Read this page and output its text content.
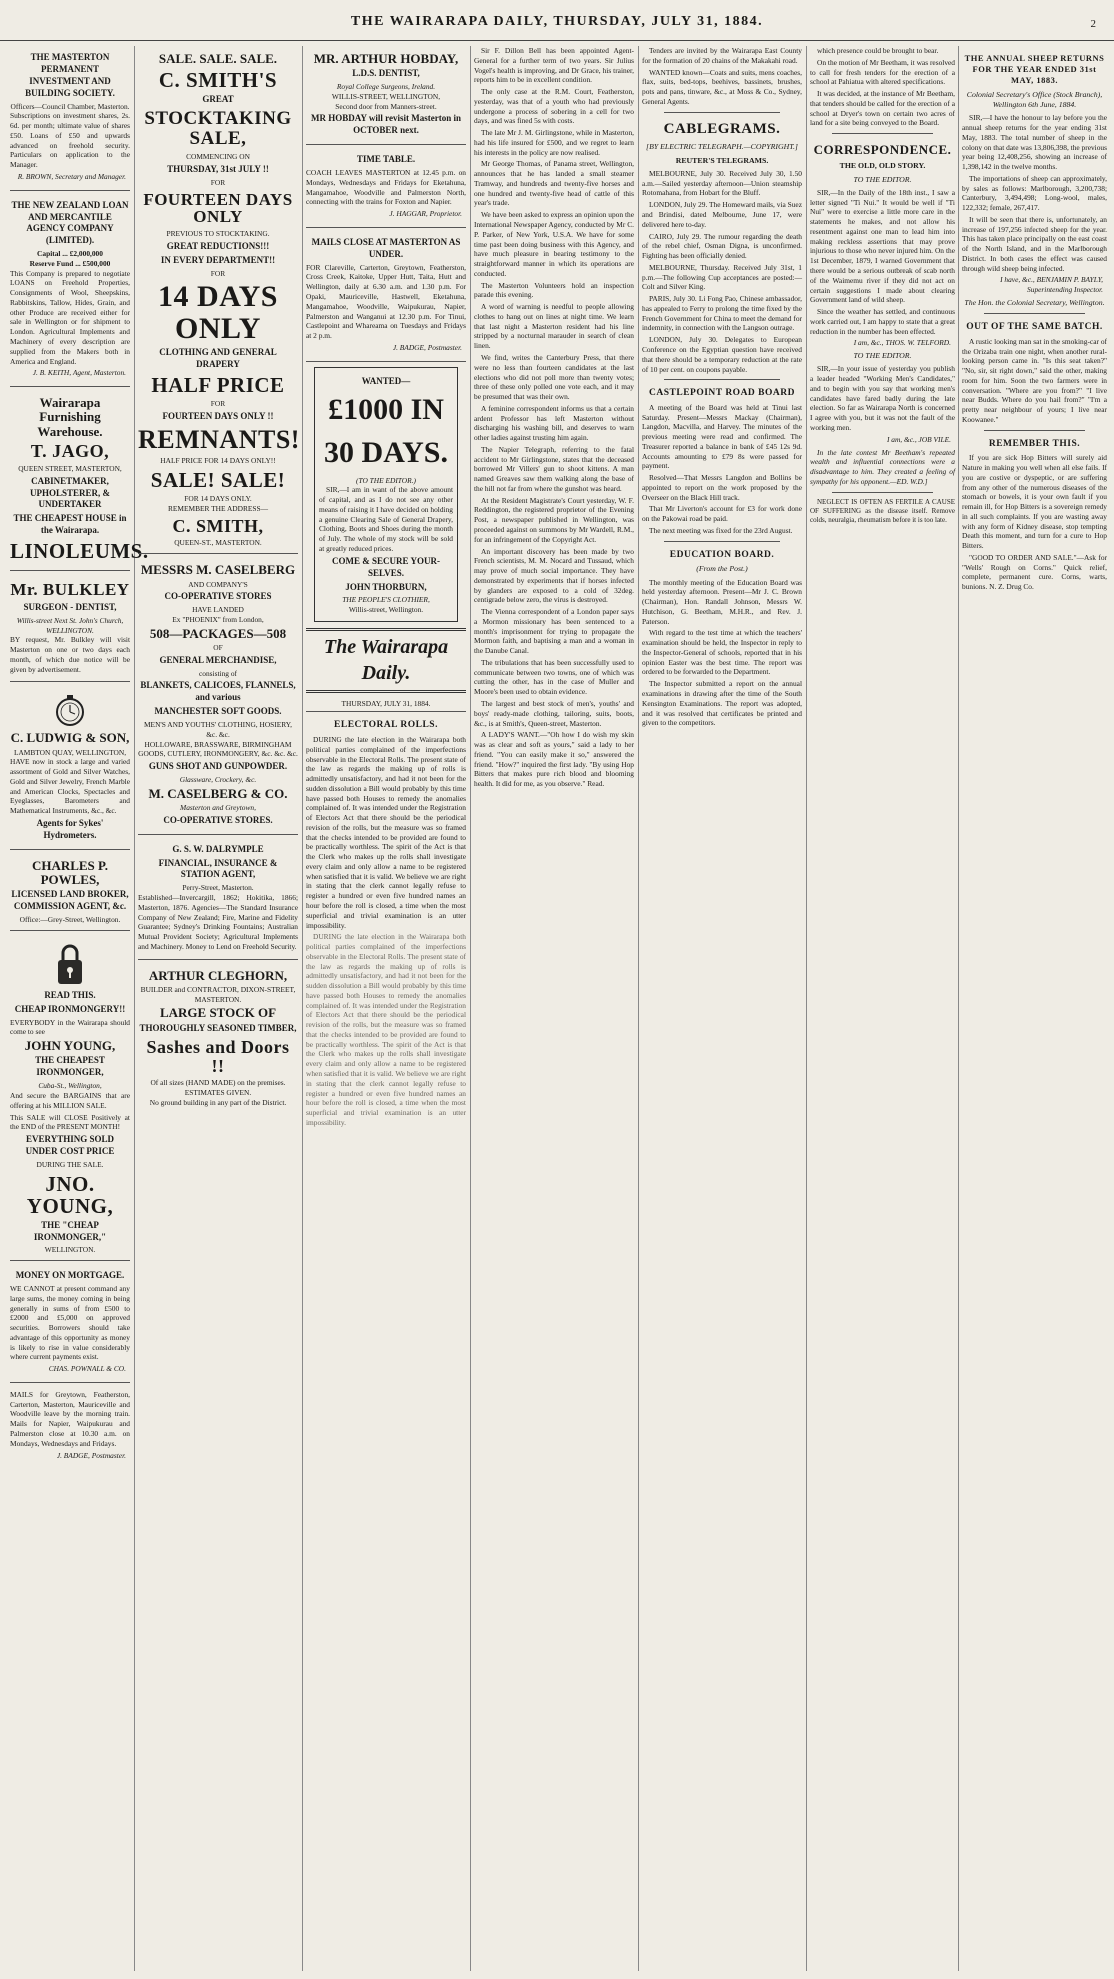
THE WAIRARAPA DAILY, THURSDAY, JULY 31, 1884.	2
THE MASTERTON PERMANENT INVESTMENT AND BUILDING SOCIETY.
Officers—Council Chamber, Masterton.

Subscriptions on investment shares, 2s. 6d. per month; ultimate value of shares £50. Loans of £50 and upwards advanced on freehold security. Particulars on application to the Manager.

R. BROWN, Secretary and Manager.
THE NEW ZEALAND LOAN AND MERCANTILE AGENCY COMPANY (LIMITED).
Capital ... £2,000,000
Reserve Fund ... £500,000

This Company is prepared to negotiate LOANS on Freehold Properties, Consignments of Wool, Sheepskins, Rabbitskins, Tallow, Hides, Grain, and other Produce are received either for sale in Wellington or for shipment to London. Agricultural Implements and Machinery of every description are supplied from the Makers both in America and England.

J. B. KEITH, Agent, Masterton.
Wairarapa Furnishing Warehouse.
T. JAGO,
QUEEN STREET, MASTERTON,
CABINETMAKER, UPHOLSTERER, & UNDERTAKER
THE CHEAPEST HOUSE in the Wairarapa.
LINOLEUMS.
Mr. BULKLEY
SURGEON - DENTIST,
Willis-street Next St. John's Church, WELLINGTON.

BY request, Mr. Bulkley will visit Masterton on one or two days each month, of which due notice will be given by advertisement.

C. LUDWIG & SON,
LAMBTON QUAY, WELLINGTON,

HAVE now in stock a large and varied assortment of Gold and Silver Watches, Gold and Silver Jewelry, French Marble and American Clocks, Spectacles and Eyeglasses, Barometers and Mathematical Instruments, &c., &c.

Agents for Sykes' Hydrometers.
CHARLES P. POWLES,
LICENSED LAND BROKER, COMMISSION AGENT, &c.
Office:—Grey-Street, Wellington.
READ THIS.
CHEAP IRONMONGERY!!

EVERYBODY in the Wairarapa should come to see

JOHN YOUNG,
THE CHEAPEST IRONMONGER,
Cuba-St., Wellington,

And secure the BARGAINS that are offering at his MILLION SALE.

This SALE will CLOSE Positively at the END of the PRESENT MONTH!

EVERYTHING SOLD UNDER COST PRICE
DURING THE SALE.
JNO. YOUNG,
THE "CHEAP IRONMONGER,"
WELLINGTON.
MONEY ON MORTGAGE.

WE CANNOT at present command any large sums, the money coming in being generally in sums of from £500 to £2000 and £5,000 on approved securities. Borrowers should take advantage of this opportunity as money is likely to rise in value considerably where current payments exist.

CHAS. POWNALL & CO.

MAILS for Greytown, Featherston, Carterton, Masterton, Mauriceville and Woodville leave by the morning train. Mails for Napier, Waipukurau and Palmerston close at 10.30 a.m. on Mondays, Wednesdays and Fridays.

J. BADGE, Postmaster.
SALE. SALE. SALE.
C. SMITH'S
GREAT
STOCKTAKING SALE,
COMMENCING ON
THURSDAY, 31st JULY !!
FOR
FOURTEEN DAYS ONLY
PREVIOUS TO STOCKTAKING.
GREAT REDUCTIONS!!!
IN EVERY DEPARTMENT!!
FOR
14 DAYS ONLY
CLOTHING AND GENERAL DRAPERY
HALF PRICE
FOR
FOURTEEN DAYS ONLY !!
REMNANTS!
HALF PRICE FOR 14 DAYS ONLY!!
SALE! SALE!
FOR 14 DAYS ONLY.
REMEMBER THE ADDRESS—
C. SMITH,
QUEEN-ST., MASTERTON.
MESSRS M. CASELBERG
AND COMPANY'S
CO-OPERATIVE STORES
HAVE LANDED
Ex "PHOENIX" from London,
508—PACKAGES—508
OF
GENERAL MERCHANDISE,
consisting of
BLANKETS, CALICOES, FLANNELS, and various
MANCHESTER SOFT GOODS.
MEN'S AND YOUTHS' CLOTHING, HOSIERY, &c. &c.
HOLLOWARE, BRASSWARE, BIRMINGHAM GOODS, CUTLERY, IRONMONGERY, &c. &c. &c.
GUNS SHOT AND GUNPOWDER.
Glassware, Crockery, &c.
M. CASELBERG & CO.
Masterton and Greytown,
CO-OPERATIVE STORES.
G. S. W. DALRYMPLE
FINANCIAL, INSURANCE & STATION AGENT,
Perry-Street, Masterton.

Established—Invercargill, 1862; Hokitika, 1866; Masterton, 1876. Agencies—The Standard Insurance Company of New Zealand; Fire, Marine and Fidelity Guarantee; Sydney's Drinking Fountains; Australian Mutual Provident Society; Agricultural Implements and Machinery. Money to Lend on Freehold Security.

ARTHUR CLEGHORN,
BUILDER and CONTRACTOR, DIXON-STREET, MASTERTON.
LARGE STOCK OF
THOROUGHLY SEASONED TIMBER,
Sashes and Doors !!
Of all sizes (HAND MADE) on the premises. ESTIMATES GIVEN.
No ground building in any part of the District.
MR. ARTHUR HOBDAY,
L.D.S. DENTIST,
Royal College Surgeons, Ireland.
WILLIS-STREET, WELLINGTON,
Second door from Manners-street.
MR HOBDAY will revisit Masterton in OCTOBER next.
TIME TABLE.

COACH LEAVES MASTERTON at 12.45 p.m. on Mondays, Wednesdays and Fridays for Eketahuna, Mangamahoe, Woodville and Palmerston North, connecting with the trains for Foxton and Napier.

J. HAGGAR, Proprietor.
MAILS CLOSE AT MASTERTON AS UNDER.

FOR Clareville, Carterton, Greytown, Featherston, Cross Creek, Kaitoke, Upper Hutt, Taita, Hutt and Wellington, daily at 6.30 a.m. and 1.30 p.m. For Opaki, Mauriceville, Hastwell, Eketahuna, Mangamahoe, Woodville, Waipukurau, Napier, Palmerston and Wanganui at 12.30 p.m. For Tinui, Castlepoint and Whareama on Tuesdays and Fridays at 2 p.m.

J. BADGE, Postmaster.
WANTED—
£1000 IN
30 DAYS.
(TO THE EDITOR.)

SIR,—I am in want of the above amount of capital, and as I do not see any other means of raising it I have decided on holding a genuine Clearing Sale of General Drapery, Clothing, Boots and Shoes during the month of July. The whole of my stock will be sold at greatly reduced prices.

COME & SECURE YOUR-SELVES.
JOHN THORBURN,
THE PEOPLE'S CLOTHIER,
Willis-street, Wellington.
The Wairarapa Daily.
THURSDAY, JULY 31, 1884.
ELECTORAL ROLLS.

DURING the late election in the Wairarapa both political parties complained of the imperfections observable in the Electoral Rolls. The present state of the law as regards the making up of rolls is admittedly unsatisfactory, and had it not been for the sudden dissolution a Bill would probably by this time have passed both Houses to remedy the anomalies complained of. It was intended under the Registration of Electors Act that there should be the periodical revision of the rolls, but the measure was so framed that the checks intended to be provided are found to be practically worthless. The spirit of the Act is that the Clerk who makes up the rolls shall investigate every claim and only allow a name to be registered when satisfied that it is valid. We believe we are right in stating that the clerk cannot legally refuse to register a hundred or even five hundred names an hour before the roll is closed, a time when the most superficial and trivial examination is an utter impossibility.

DURING the late election in the Wairarapa both political parties complained of the imperfections observable in the Electoral Rolls. The present state of the law as regards the making up of rolls is admittedly unsatisfactory, and had it not been for the sudden dissolution a Bill would probably by this time have passed both Houses to remedy the anomalies complained of. It was intended under the Registration of Electors Act that there should be the periodical revision of the rolls, but the measure was so framed that the checks intended to be provided are found to be practically worthless. The spirit of the Act is that the Clerk who makes up the rolls shall investigate every claim and only allow a name to be registered when satisfied that it is valid. We believe we are right in stating that the clerk cannot legally refuse to register a hundred or even five hundred names an hour before the roll is closed, a time when the most superficial and trivial examination is an utter impossibility.

Sir F. Dillon Bell has been appointed Agent-General for a further term of two years. Sir Julius Vogel's health is improving, and Dr Grace, his trainer, reports him to be in excellent condition.

The only case at the R.M. Court, Featherston, yesterday, was that of a youth who had previously undergone a process of sobering in a cell for two days, and was fined 5s with costs.

The late Mr J. M. Girlingstone, while in Masterton, had his life insured for £500, and we regret to learn his interests in the policy are now realised.

Mr George Thomas, of Panama street, Wellington, announces that he has landed a small steamer Tramway, and hundreds and twenty-five horses and one hundred and twenty-five head of cattle of this year's trade.

We have been asked to express an opinion upon the International Newspaper Agency, conducted by Mr C. P. Parker, of New York, U.S.A. We have for some time past been doing business with this Agency, and have much pleasure in bearing testimony to the straightforward manner in which its operations are conducted.

The Masterton Volunteers hold an inspection parade this evening.

A word of warning is needful to people allowing clothes to hang out on lines at night time. We learn that last night a Masterton resident had his line stripped by a nocturnal marauder in search of clean linen.

We find, writes the Canterbury Press, that there were no less than fourteen candidates at the last elections who did not poll more than twenty votes; three of these only polled one vote each, and it may be presumed that was their own.

A feminine correspondent informs us that a certain ardent Professor has left Masterton without discharging his washing bill, and deserves to warn other ladies against trusting him again.

The Napier Telegraph, referring to the fatal accident to Mr Girlingstone, states that the deceased borrowed Mr Villers' gun to shoot kittens. A man named Greaves saw them walking along the base of the hill not far from where the gunshot was heard.

At the Resident Magistrate's Court yesterday, W. F. Reddington, the registered proprietor of the Evening Post, a newspaper published in Wellington, was proceeded against on summons by Mr Wardell, R.M., for an infringement of the Copyright Act.

An important discovery has been made by two French scientists, M. M. Nocard and Tussaud, which may prove of much social importance. They have demonstrated by experiments that if horses infected by glanders are exposed to a cold of 32deg. centigrade below zero, the virus is destroyed.

The Vienna correspondent of a London paper says a Mormon missionary has been sentenced to a month's imprisonment for trying to propagate the Mormon faith, and baptising a man and a woman in the Danube Canal.

The tribulations that has been successfully used to communicate between two towns, one of which was cutting the other, has in the case of Muller and Moore's been used to obtain evidence.

The largest and best stock of men's, youths' and boys' ready-made clothing, tailoring, suits, boots, &c., is at Smith's, Queen-street, Masterton.

A LADY'S WANT.—"Oh how I do wish my skin was as clear and soft as yours," said a lady to her friend. "You can easily make it so," answered the friend. "How?" inquired the first lady. "By using Hop Bitters that makes pure rich blood and blooming health. It did for me, as you observe." Read.

Tenders are invited by the Wairarapa East County for the formation of 20 chains of the Makakahi road.

WANTED known—Coats and suits, mens coaches, flax, suits, bed-tops, beehives, bassinets, brushes, pots and pans, tinware, &c., at Moss & Co., Sydney, General Agents.

CABLEGRAMS.
[BY ELECTRIC TELEGRAPH.—COPYRIGHT.]
REUTER'S TELEGRAMS.

MELBOURNE, July 30. Received July 30, 1.50 a.m.—Sailed yesterday afternoon—Union steamship Rotomahana, from Hobart for the Bluff.

LONDON, July 29. The Homeward mails, via Suez and Brindisi, dated Melbourne, June 17, were delivered here to-day.

CAIRO, July 29. The rumour regarding the death of the rebel chief, Osman Digna, is unconfirmed. Fighting has been officially denied.

MELBOURNE, Thursday. Received July 31st, 1 p.m.—The following Cup acceptances are posted:—Colt and Silver King.

PARIS, July 30. Li Fong Pao, Chinese ambassador, has appealed to Ferry to prolong the time fixed by the French Government for China to meet the demand for indemnity, in connection with the Langson outrage.

LONDON, July 30. Delegates to European Conference on the Egyptian question have received that there should be a temporary reduction at the rate of 10 per cent. on coupons payable.

CASTLEPOINT ROAD BOARD

A meeting of the Board was held at Tinui last Saturday. Present—Messrs Mackay (Chairman), Langdon, Macvilla, and Harvey. The minutes of the previous meeting were read and confirmed. The Treasurer reported a balance in bank of £45 12s 9d. Accounts amounting to £79 8s were passed for payment.

Resolved—That Messrs Langdon and Bollins be appointed to report on the work proposed by the Overseer on the Black Hill track.

That Mr Liverton's account for £3 for work done on the Pakowai road be paid.

The next meeting was fixed for the 23rd August.

EDUCATION BOARD.
(From the Post.)

The monthly meeting of the Education Board was held yesterday afternoon. Present—Mr J. C. Brown (Chairman), Hon. Randall Johnson, Messrs W. Hutchison, G. Beetham, M.H.R., and Rev. J. Paterson.

With regard to the test time at which the teachers' examination should be held, the Inspector in reply to the Inspector-General of schools, reported that in his opinion Easter was the best time. The report was ordered to be forwarded to the Department.

The Inspector submitted a report on the annual examinations in drawing after the time of the South Kensington Examinations. The report was adopted, and it was resolved that certificates be printed and given to the competitors.

which presence could be brought to bear.

On the motion of Mr Beetham, it was resolved to call for fresh tenders for the erection of a school at Pahiatua with altered specifications.

It was decided, at the instance of Mr Beetham, that tenders should be called for the erection of a school at Dryer's town on certain two acres of land for a site being conveyed to the Board.

CORRESPONDENCE.
THE OLD, OLD STORY.
TO THE EDITOR.

SIR,—In the Daily of the 18th inst., I saw a letter signed "Ti Nui." It would be well if "Ti Nui" were to exercise a little more care in the statements he makes, and not allow his resentment against one man to lead him into making reckless assertions that may prove injurious to those who never injured him. On the 1st December, 1879, I warned Government that there would be a serious outbreak of scab north of the Waimemu river if they did not act on certain suggestions I made about clearing Government land of wild sheep.

Since the weather has settled, and continuous work carried out, I am happy to state that a great reduction in the number has been effected.

I am, &c., THOS. W. TELFORD.
TO THE EDITOR.

SIR,—In your issue of yesterday you publish a leader headed "Working Men's Candidates," and to begin with you say that working men's candidates have fared badly during the late election. So far as Wairarapa North is concerned I agree with you, but it was not the fault of the working men.

I am, &c., JOB VILE.

In the late contest Mr Beetham's repeated wealth and influential connections were a disadvantage to him. They created a feeling of sympathy for his opponent.—ED. W.D.]

NEGLECT IS OFTEN AS FERTILE A CAUSE OF SUFFERING as the disease itself. Remove colds, neuralgia, rheumatism before it is too late.

THE ANNUAL SHEEP RETURNS FOR THE YEAR ENDED 31st MAY, 1883.
Colonial Secretary's Office (Stock Branch), Wellington 6th June, 1884.

SIR,—I have the honour to lay before you the annual sheep returns for the year ending 31st May, 1883. The total number of sheep in the colony on that date was 13,806,398, the previous year being 12,408,256, showing an increase of 1,398,142 in the twelve months.

The importations of sheep can approximately, by sales as follows: Marlborough, 3,200,738; Canterbury, 3,494,498; Long-wool, males, 122,332; female, 267,417.

It will be seen that there is, unfortunately, an increase of 197,256 infected sheep for the year. This has taken place principally on the east coast of the North Island, and in the Marlborough District. In both cases the effect was caused through wild sheep being infected.

I have, &c., BENJAMIN P. BAYLY, Superintending Inspector.
The Hon. the Colonial Secretary, Wellington.
OUT OF THE SAME BATCH.

A rustic looking man sat in the smoking-car of the Orizaba train one night, when another rural-looking person came in. "Is this seat taken?" "No, sir, sit right down," said the other, making room for him. Soon the two farmers were in conversation. "Where are you from?" "I live near Budds. Where do you hail from?" "I'm a pretty near neighbour of yours; I live near Koowanee."

REMEMBER THIS.

If you are sick Hop Bitters will surely aid Nature in making you well when all else fails. If you are costive or dyspeptic, or are suffering from any other of the numerous diseases of the stomach or bowels, it is your own fault if you remain ill, for Hop Bitters is a sovereign remedy in all such complaints. If you are wasting away with any form of Kidney disease, stop tempting Death this moment, and turn for a cure to Hop Bitters.

"GOOD TO ORDER AND SALE."—Ask for "Wells' Rough on Corns." Quick relief, complete, permanent cure. Corns, warts, bunions. N. Z. Drug Co.
